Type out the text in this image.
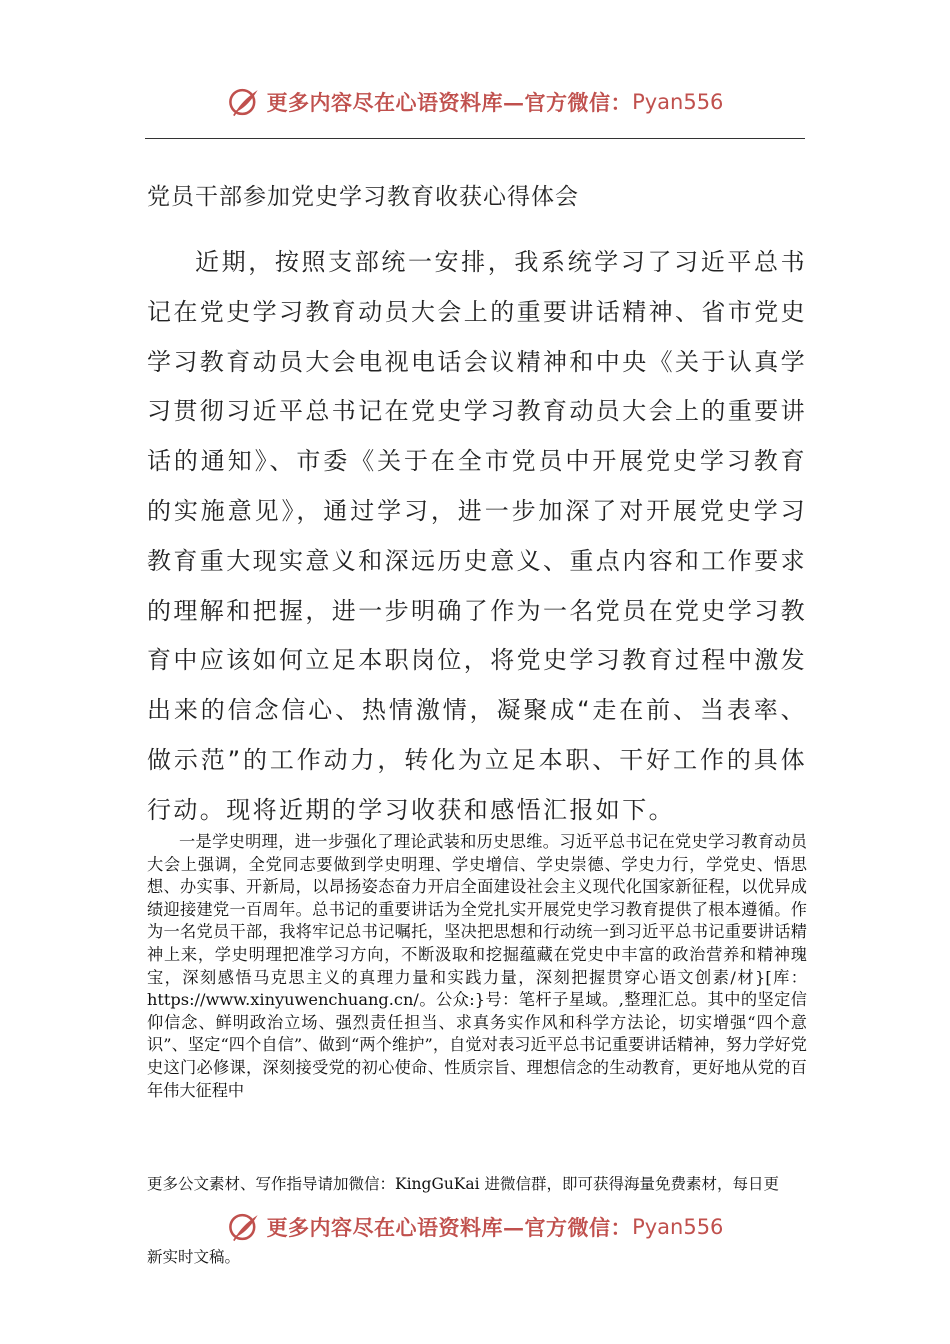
更多内容尽在心语资料库—官方微信： Pyan556
党员干部参加党史学习教育收获心得体会

近期，按照支部统一安排，我系统学习了习近平总书记在党史学习教育动员大会上的重要讲话精神、省市党史学习教育动员大会电视电话会议精神和中央《关于认真学习贯彻习近平总书记在党史学习教育动员大会上的重要讲话的通知》、市委《关于在全市党员中开展党史学习教育的实施意见》，通过学习，进一步加深了对开展党史学习教育重大现实意义和深远历史意义、重点内容和工作要求的理解和把握，进一步明确了作为一名党员在党史学习教育中应该如何立足本职岗位，将党史学习教育过程中激发出来的信念信心、热情激情，凝聚成“走在前、当表率、做示范”的工作动力，转化为立足本职、干好工作的具体行动。现将近期的学习收获和感悟汇报如下。

一是学史明理，进一步强化了理论武装和历史思维。习近平总书记在党史学习教育动员大会上强调，全党同志要做到学史明理、学史增信、学史崇德、学史力行，学党史、悟思想、办实事、开新局，以昂扬姿态奋力开启全面建设社会主义现代化国家新征程，以优异成绩迎接建党一百周年。总书记的重要讲话为全党扎实开展党史学习教育提供了根本遵循。作为一名党员干部，我将牢记总书记嘱托，坚决把思想和行动统一到习近平总书记重要讲话精神上来，学史明理把准学习方向，不断汲取和挖掘蕴藏在党史中丰富的政治营养和精神瑰宝，深刻感悟马克思主义的真理力量和实践力量，深刻把握贯穿心语文创素/材}[库：https://www.xinyuwenchuang.cn/。公众:}号：笔杆子星域。,整理汇总。其中的坚定信仰信念、鲜明政治立场、强烈责任担当、求真务实作风和科学方法论，切实增强“四个意识”、坚定“四个自信”、做到“两个维护”，自觉对表习近平总书记重要讲话精神，努力学好党史这门必修课，深刻接受党的初心使命、性质宗旨、理想信念的生动教育，更好地从党的百年伟大征程中

更多公文素材、写作指导请加微信：KingGuKai 进微信群，即可获得海量免费素材，每日更
更多内容尽在心语资料库—官方微信： Pyan556
新实时文稿。
